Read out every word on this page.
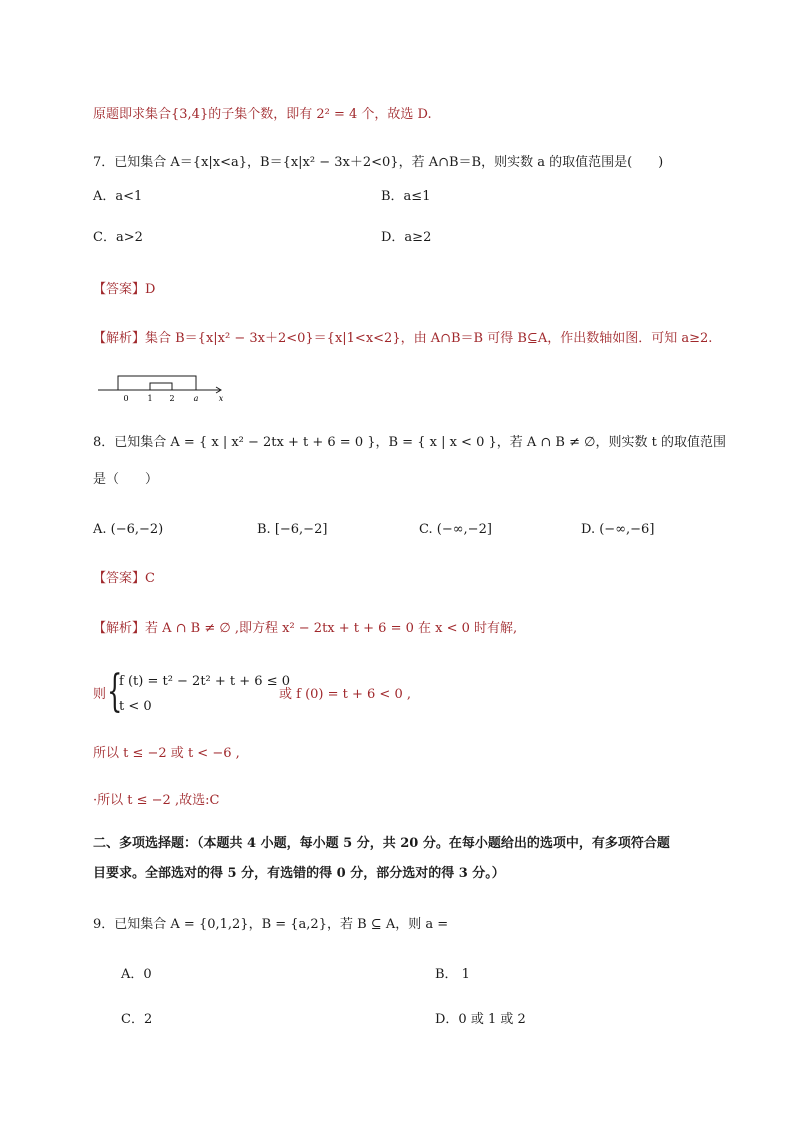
原题即求集合{3,4}的子集个数，即有 2² = 4 个，故选 D.
7．已知集合 A＝{x|x<a}，B＝{x|x² − 3x＋2<0}，若 A∩B＝B，则实数 a 的取值范围是(　　)
A．a<1	B．a≤1
C．a>2	D．a≥2
【答案】D
【解析】集合 B＝{x|x² − 3x＋2<0}＝{x|1<x<2}，由 A∩B＝B 可得 B⊆A，作出数轴如图．可知 a≥2.
0 1 2 a	x
8．已知集合 A = { x | x² − 2tx + t + 6 = 0 }，B = { x | x < 0 }，若 A ∩ B ≠ ∅，则实数 t 的取值范围
是（　　）
A. (−6,−2)	B. [−6,−2]	C. (−∞,−2]	D. (−∞,−6]
【答案】C
【解析】若 A ∩ B ≠ ∅ ,即方程 x² − 2tx + t + 6 = 0 在 x < 0 时有解,
则 {
f (t) = t² − 2t² + t + 6 ≤ 0
t < 0
或 f (0) = t + 6 < 0 ,
所以 t ≤ −2 或 t < −6 ,
·所以 t ≤ −2 ,故选:C
二、多项选择题：（本题共 4 小题，每小题 5 分，共 20 分。在每小题给出的选项中，有多项符合题
目要求。全部选对的得 5 分，有选错的得 0 分，部分选对的得 3 分。）
9．已知集合 A = {0,1,2}，B = {a,2}，若 B ⊆ A，则 a =
A．0	B． 1
C．2	D．0 或 1 或 2
